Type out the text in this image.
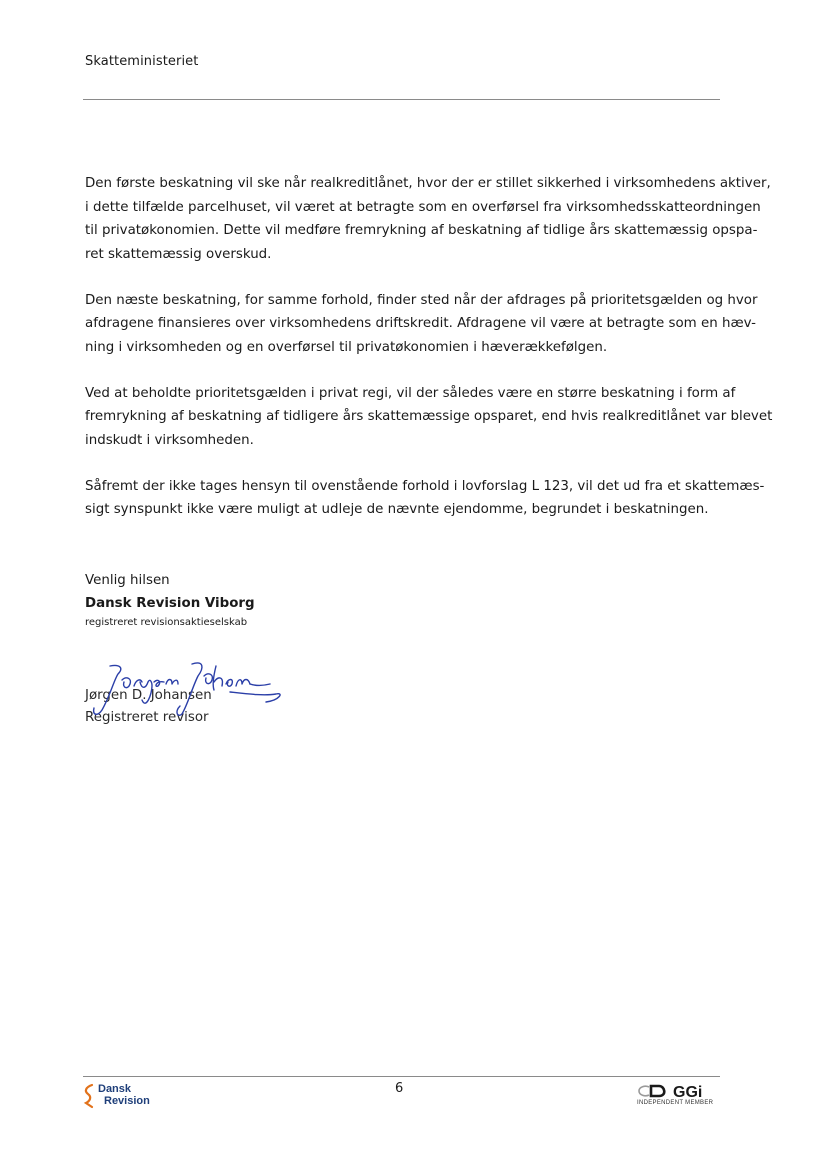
Skatteministeriet

Den første beskatning vil ske når realkreditlånet, hvor der er stillet sikkerhed i virksomhedens aktiver,
i dette tilfælde parcelhuset, vil været at betragte som en overførsel fra virksomhedsskatteordningen
til privatøkonomien. Dette vil medføre fremrykning af beskatning af tidlige års skattemæssig opspa-
ret skattemæssig overskud.

Den næste beskatning, for samme forhold, finder sted når der afdrages på prioritetsgælden og hvor
afdragene finansieres over virksomhedens driftskredit. Afdragene vil være at betragte som en hæv-
ning i virksomheden og en overførsel til privatøkonomien i hæverækkefølgen.

Ved at beholdte prioritetsgælden i privat regi, vil der således være en større beskatning i form af
fremrykning af beskatning af tidligere års skattemæssige opsparet, end hvis realkreditlånet var blevet
indskudt i virksomheden.

Såfremt der ikke tages hensyn til ovenstående forhold i lovforslag L 123, vil det ud fra et skattemæs-
sigt synspunkt ikke være muligt at udleje de nævnte ejendomme, begrundet i beskatningen.

Venlig hilsen
Dansk Revision Viborg
registreret revisionsaktieselskab
Jørgen D. Johansen
Registreret revisor
Dansk
Revision
6	GGi
INDEPENDENT MEMBER
